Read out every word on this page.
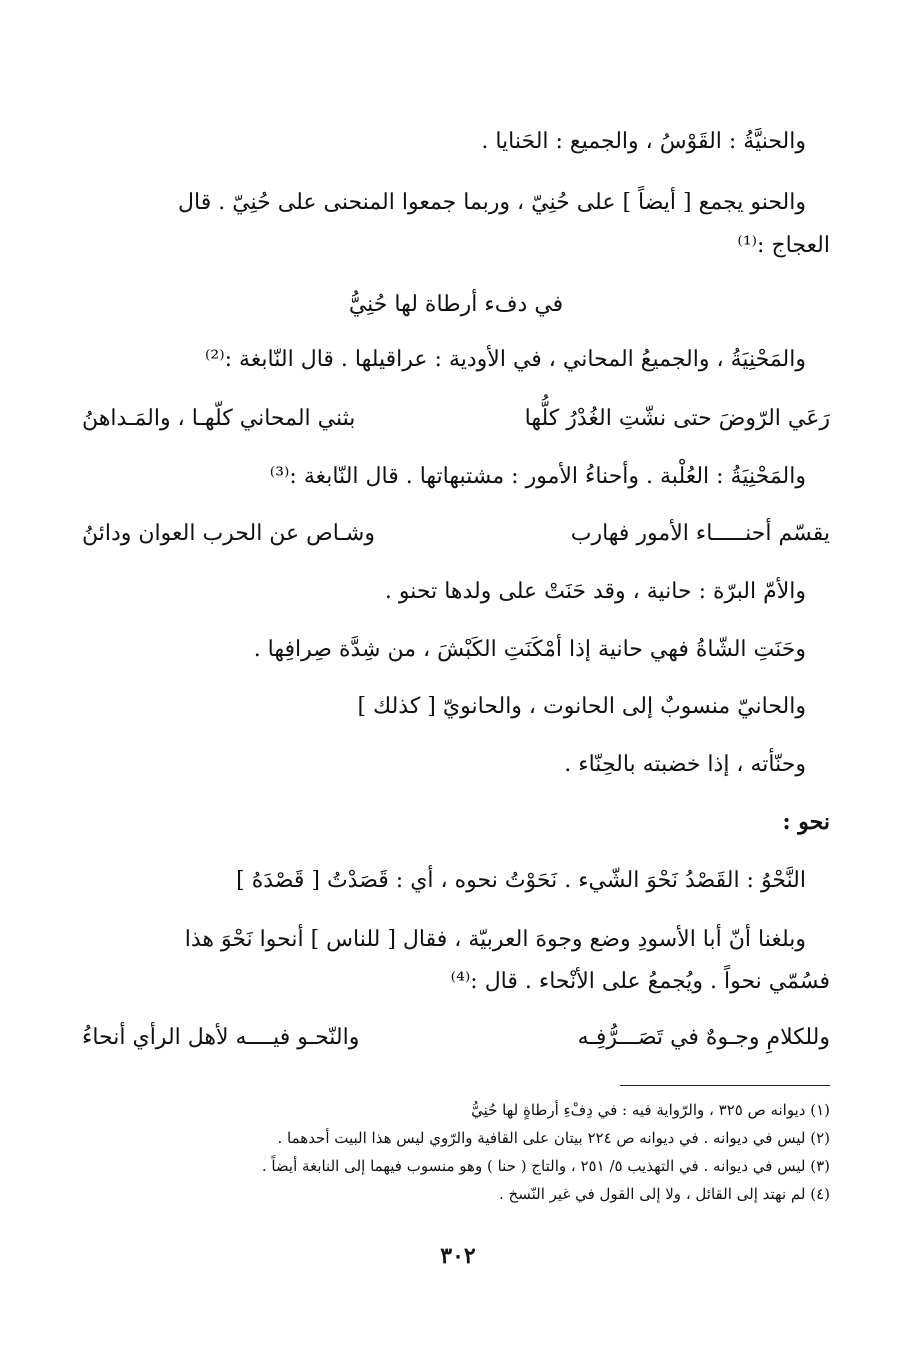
والحنيَّةُ : القَوْسُ ، والجميع : الحَنايا .
والحنو يجمع [ أيضاً ] على حُنِيّ ، وربما جمعوا المنحنى على حُنِيّ . قال
العجاج :⁽¹⁾
في دفء أرطاة لها حُنِيُّ
والمَحْنِيَةُ ، والجميعُ المحاني ، في الأودية : عراقيلها . قال النّابغة :⁽²⁾
رَعَي الرّوضَ حتى نشّتِ الغُدْرُ كلُّها
بثني المحاني كلّهـا ، والمَـداهنُ
والمَحْنِيَةُ : العُلْبة . وأحناءُ الأمور : مشتبهاتها . قال النّابغة :⁽³⁾
يقسّم أحنـــــاء الأمور فهارب
وشـاص عن الحرب العوان ودائنُ
والأمّ البرّة : حانية ، وقد حَنَتْ على ولدها تحنو .
وحَنَتِ الشّاةُ فهي حانية إذا أمْكَنَتِ الكَبْشَ ، من شِدَّة صِرافِها .
والحانيّ منسوبٌ إلى الحانوت ، والحانويّ [ كذلك ]
وحنّأته ، إذا خضبته بالحِنّاء .
نحو :
النَّحْوُ : القَصْدُ نَحْوَ الشّيء . نَحَوْتُ نحوه ، أي : قَصَدْتُ [ قَصْدَهُ ]
وبلغنا أنّ أبا الأسودِ وضع وجوهَ العربيّة ، فقال [ للناس ] أنحوا نَحْوَ هذا
فسُمّي نحواً . ويُجمعُ على الأنْحاء . قال :⁽⁴⁾
وللكلامِ وجـوهٌ في تَصَـــرُّفِـه
والنّحـو فيــــه لأهل الرأي أنحاءُ
(١) ديوانه ص ٣٢٥ ، والرّواية فيه : في دِفْءِ أرطاةٍ لها حُنِيُّ
(٢) ليس في ديوانه . في ديوانه ص ٢٢٤ بيتان على القافية والرّوي ليس هذا البيت أحدهما .
(٣) ليس في ديوانه . في التهذيب ٥/ ٢٥١ ، والتاج ( حنا ) وهو منسوب فيهما إلى النابغة أيضاً .
(٤) لم نهتد إلى القائل ، ولا إلى القول في غير النّسخ .
٣٠٢
